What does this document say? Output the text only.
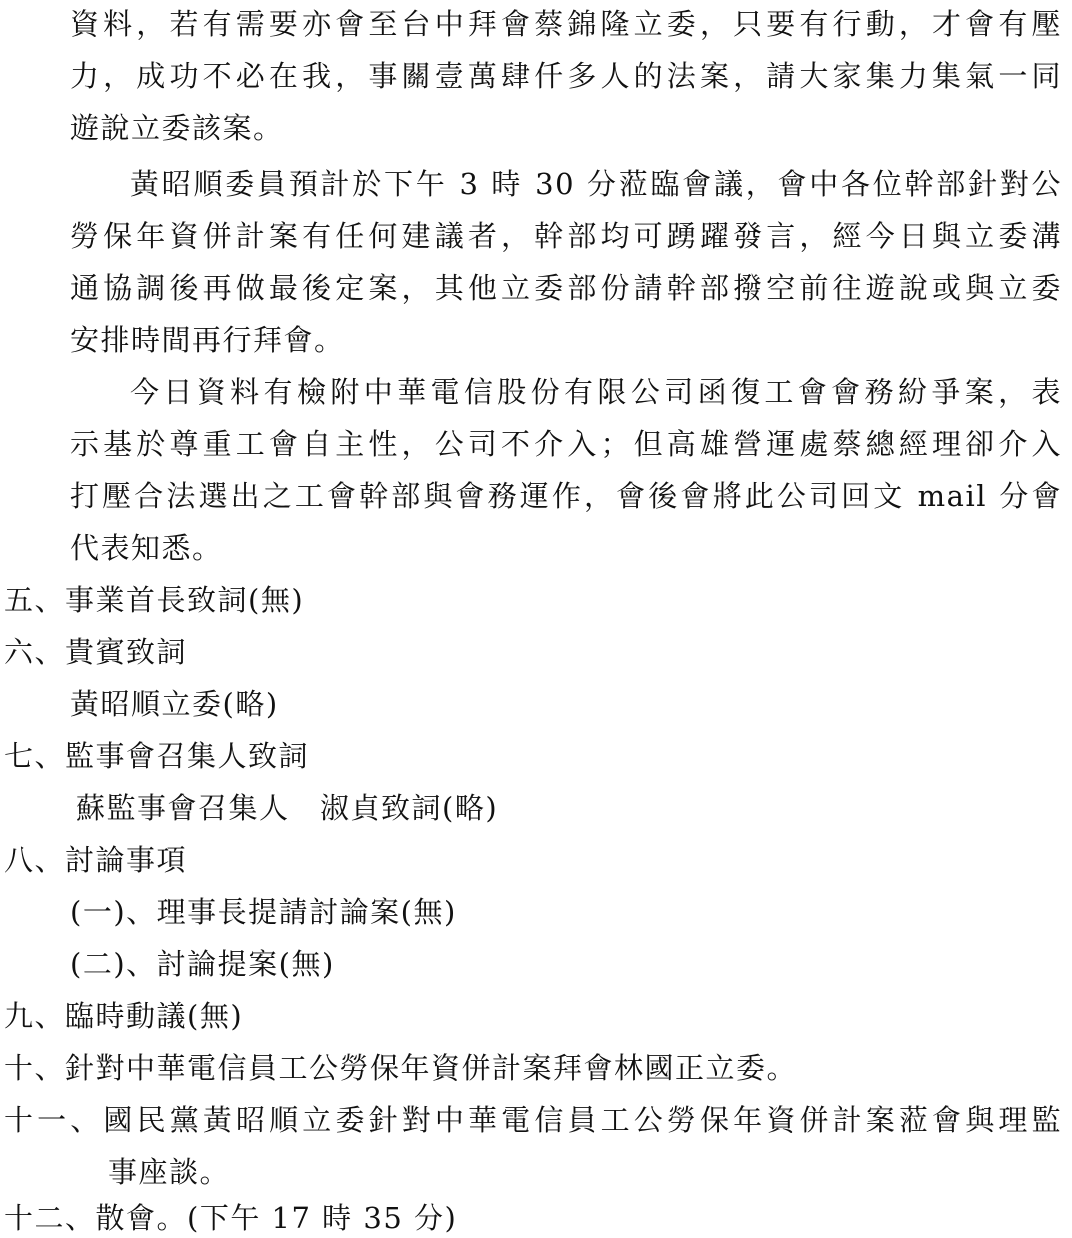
資料，若有需要亦會至台中拜會蔡錦隆立委，只要有行動，才會有壓
力，成功不必在我，事關壹萬肆仟多人的法案，請大家集力集氣一同
遊說立委該案。
黃昭順委員預計於下午 3 時 30 分蒞臨會議，會中各位幹部針對公
勞保年資併計案有任何建議者，幹部均可踴躍發言，經今日與立委溝
通協調後再做最後定案，其他立委部份請幹部撥空前往遊說或與立委
安排時間再行拜會。
今日資料有檢附中華電信股份有限公司函復工會會務紛爭案，表
示基於尊重工會自主性，公司不介入；但高雄營運處蔡總經理卻介入
打壓合法選出之工會幹部與會務運作，會後會將此公司回文 mail 分會
代表知悉。
五、事業首長致詞(無)
六、貴賓致詞
黃昭順立委(略)
七、監事會召集人致詞
蘇監事會召集人　淑貞致詞(略)
八、討論事項
(一)、理事長提請討論案(無)
(二)、討論提案(無)
九、臨時動議(無)
十、針對中華電信員工公勞保年資併計案拜會林國正立委。
十一、國民黨黃昭順立委針對中華電信員工公勞保年資併計案蒞會與理監
事座談。
十二、散會。(下午 17 時 35 分)
